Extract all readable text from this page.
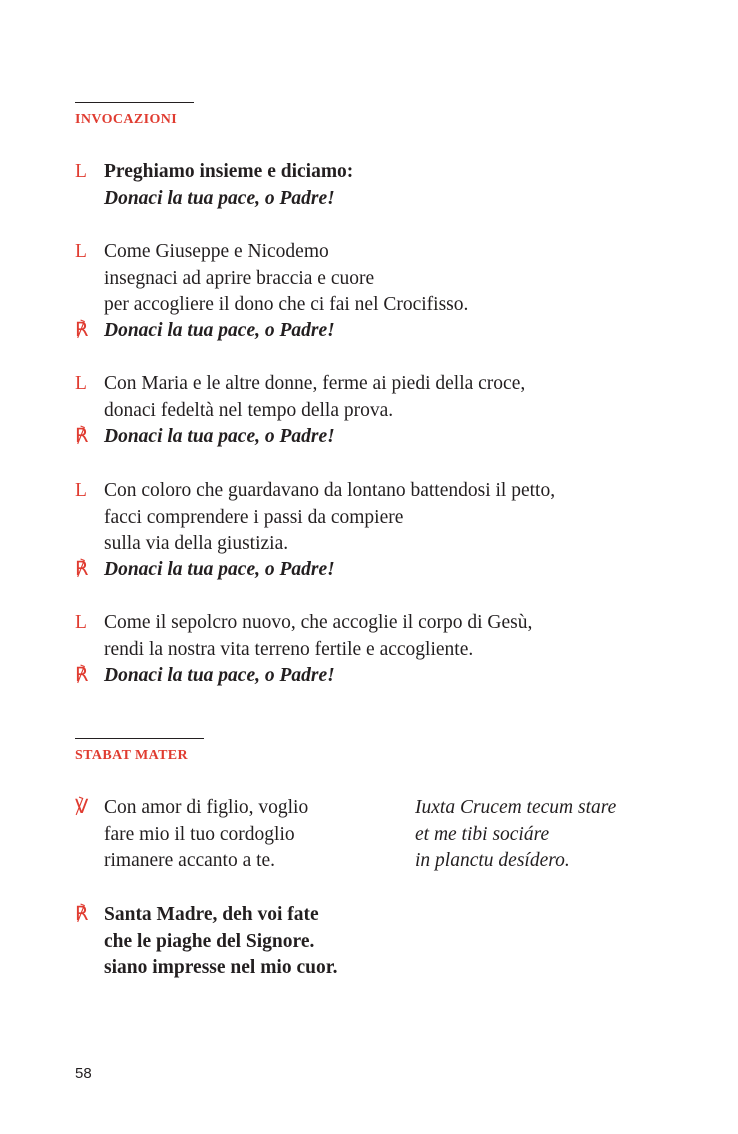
INVOCAZIONI
L Preghiamo insieme e diciamo:
Donaci la tua pace, o Padre!
L Come Giuseppe e Nicodemo
insegnaci ad aprire braccia e cuore
per accogliere il dono che ci fai nel Crocifisso.
℟ Donaci la tua pace, o Padre!
L Con Maria e le altre donne, ferme ai piedi della croce,
donaci fedeltà nel tempo della prova.
℟ Donaci la tua pace, o Padre!
L Con coloro che guardavano da lontano battendosi il petto,
facci comprendere i passi da compiere
sulla via della giustizia.
℟ Donaci la tua pace, o Padre!
L Come il sepolcro nuovo, che accoglie il corpo di Gesù,
rendi la nostra vita terreno fertile e accogliente.
℟ Donaci la tua pace, o Padre!
STABAT MATER
℣ Con amor di figlio, voglio
fare mio il tuo cordoglio
rimanere accanto a te.
Iuxta Crucem tecum stare
et me tibi sociáre
in planctu desídero.
℟ Santa Madre, deh voi fate
che le piaghe del Signore.
siano impresse nel mio cuor.
58
